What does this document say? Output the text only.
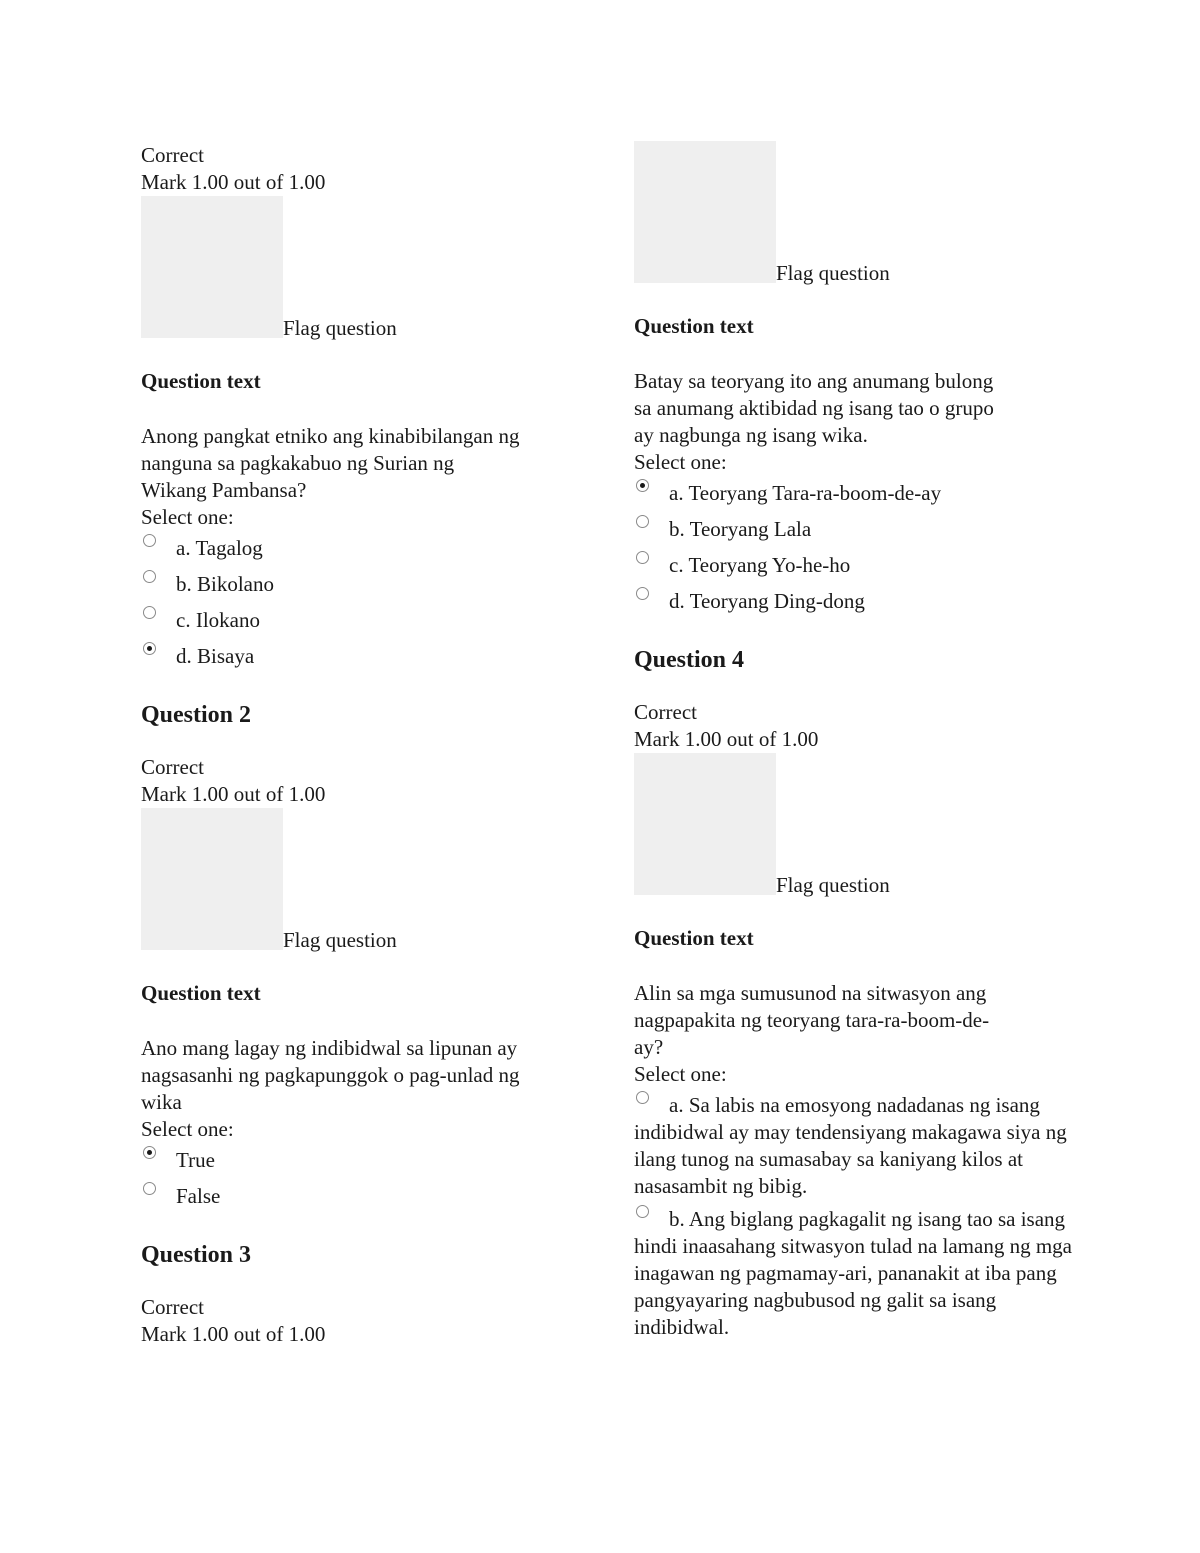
Correct

Mark 1.00 out of 1.00

Flag question

Question text

Anong pangkat etniko ang kinabibilangan ng

nanguna sa pagkakabuo ng Surian ng

Wikang Pambansa?

Select one:

a. Tagalog
b. Bikolano
c. Ilokano
d. Bisaya
Question 2

Correct

Mark 1.00 out of 1.00

Flag question

Question text

Ano mang lagay ng indibidwal sa lipunan ay

nagsasanhi ng pagkapunggok o pag-unlad ng

wika

Select one:

True
False
Question 3

Correct

Mark 1.00 out of 1.00

Flag question

Question text

Batay sa teoryang ito ang anumang bulong

sa anumang aktibidad ng isang tao o grupo

ay nagbunga ng isang wika.

Select one:

a. Teoryang Tara-ra-boom-de-ay
b. Teoryang Lala
c. Teoryang Yo-he-ho
d. Teoryang Ding-dong
Question 4

Correct

Mark 1.00 out of 1.00

Flag question

Question text

Alin sa mga sumusunod na sitwasyon ang

nagpapakita ng teoryang tara-ra-boom-de-

ay?

Select one:

a. Sa labis na emosyong nadadanas ng isang indibidwal ay may tendensiyang makagawa siya ng ilang tunog na sumasabay sa kaniyang kilos at nasasambit ng bibig.
b. Ang biglang pagkagalit ng isang tao sa isang hindi inaasahang sitwasyon tulad na lamang ng mga inagawan ng pagmamay-ari, pananakit at iba pang pangyayaring nagbubusod ng galit sa isang indibidwal.
